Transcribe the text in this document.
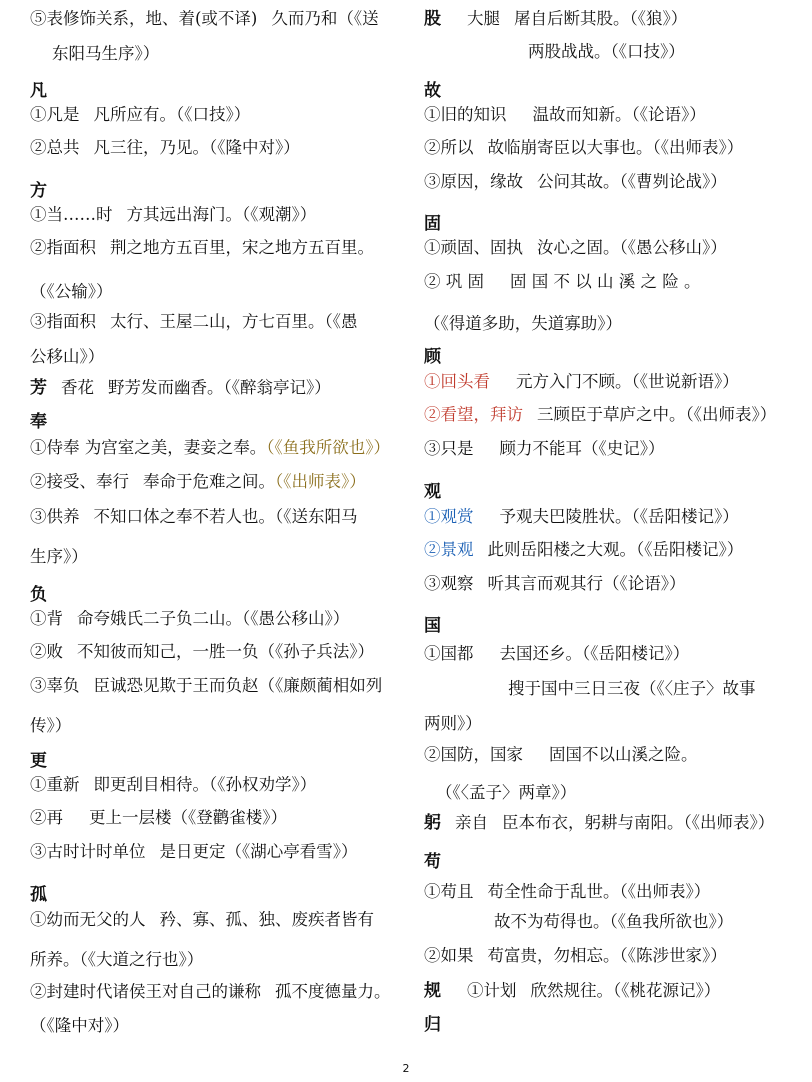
⑤表修饰关系，地、着(或不译) 久而乃和（《送
东阳马生序》）
凡
①凡是 凡所应有。（《口技》）
②总共 凡三往，乃见。（《隆中对》）
方
①当……时 方其远出海门。（《观潮》）
②指面积 荆之地方五百里，宋之地方五百里。
（《公输》）
③指面积 太行、王屋二山，方七百里。（《愚
公移山》）
芳 香花 野芳发而幽香。（《醉翁亭记》）
奉
①侍奉 为宫室之美，妻妾之奉。（《鱼我所欲也》）
②接受、奉行 奉命于危难之间。（《出师表》）
③供养 不知口体之奉不若人也。（《送东阳马
生序》）
负
①背 命夸娥氏二子负二山。（《愚公移山》）
②败 不知彼而知己，一胜一负（《孙子兵法》）
③辜负 臣诚恐见欺于王而负赵（《廉颇蔺相如列
传》）
更
①重新 即更刮目相待。（《孙权劝学》）
②再 更上一层楼（《登鹳雀楼》）
③古时计时单位 是日更定（《湖心亭看雪》）
孤
①幼而无父的人 矜、寡、孤、独、废疾者皆有
所养。（《大道之行也》）
②封建时代诸侯王对自己的谦称 孤不度德量力。
（《隆中对》）
股 大腿 屠自后断其股。（《狼》）
两股战战。（《口技》）
故
①旧的知识 温故而知新。（《论语》）
②所以 故临崩寄臣以大事也。（《出师表》）
③原因，缘故 公问其故。（《曹刿论战》）
固
①顽固、固执 汝心之固。（《愚公移山》）
② 巩 固 固 国 不 以 山 溪 之 险 。
（《得道多助，失道寡助》）
顾
①回头看 元方入门不顾。（《世说新语》）
②看望，拜访 三顾臣于草庐之中。（《出师表》）
③只是 顾力不能耳（《史记》）
观
①观赏 予观夫巴陵胜状。（《岳阳楼记》）
②景观 此则岳阳楼之大观。（《岳阳楼记》）
③观察 听其言而观其行（《论语》）
国
①国都 去国还乡。（《岳阳楼记》）
搜于国中三日三夜（《〈庄子〉故事
两则》）
②国防，国家 固国不以山溪之险。
（《〈孟子〉两章》）
躬 亲自 臣本布衣，躬耕与南阳。（《出师表》）
苟
①苟且 苟全性命于乱世。（《出师表》）
故不为苟得也。（《鱼我所欲也》）
②如果 苟富贵，勿相忘。（《陈涉世家》）
规 ①计划 欣然规往。（《桃花源记》）
归
2
